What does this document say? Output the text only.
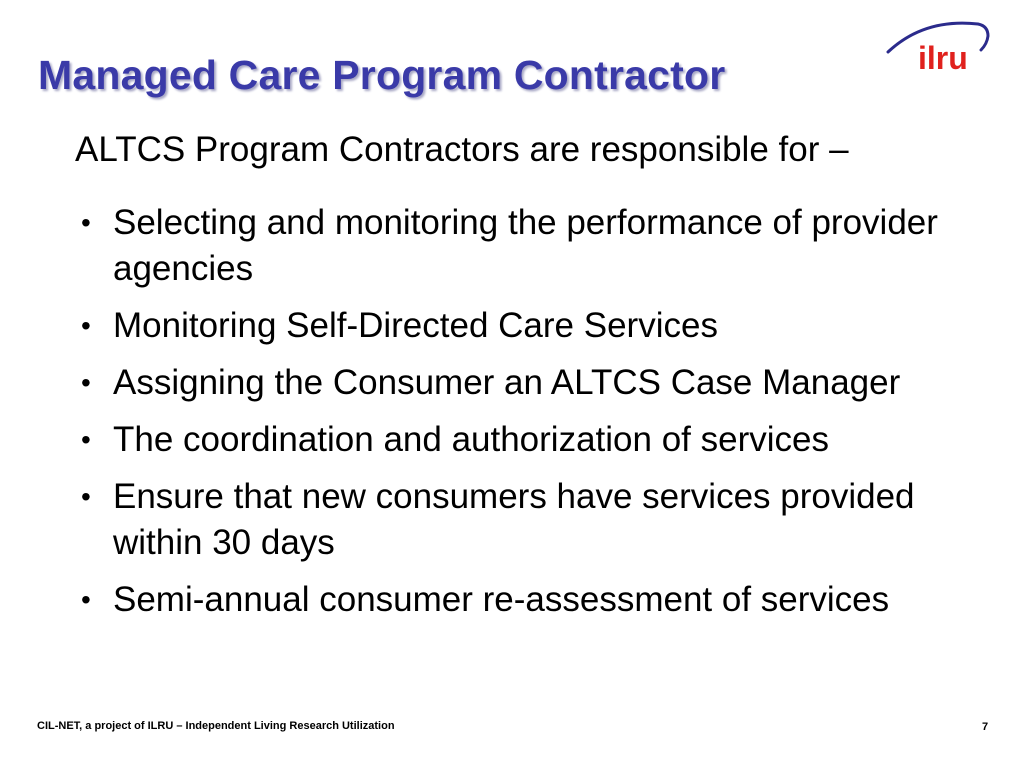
Managed Care Program Contractor	ilru

ALTCS Program Contractors are responsible for –

• Selecting and monitoring the performance of provider agencies
• Monitoring Self-Directed Care Services
• Assigning the Consumer an ALTCS Case Manager
• The coordination and authorization of services
• Ensure that new consumers have services provided within 30 days
• Semi-annual consumer re-assessment of services
CIL-NET, a project of ILRU – Independent Living Research Utilization	7
